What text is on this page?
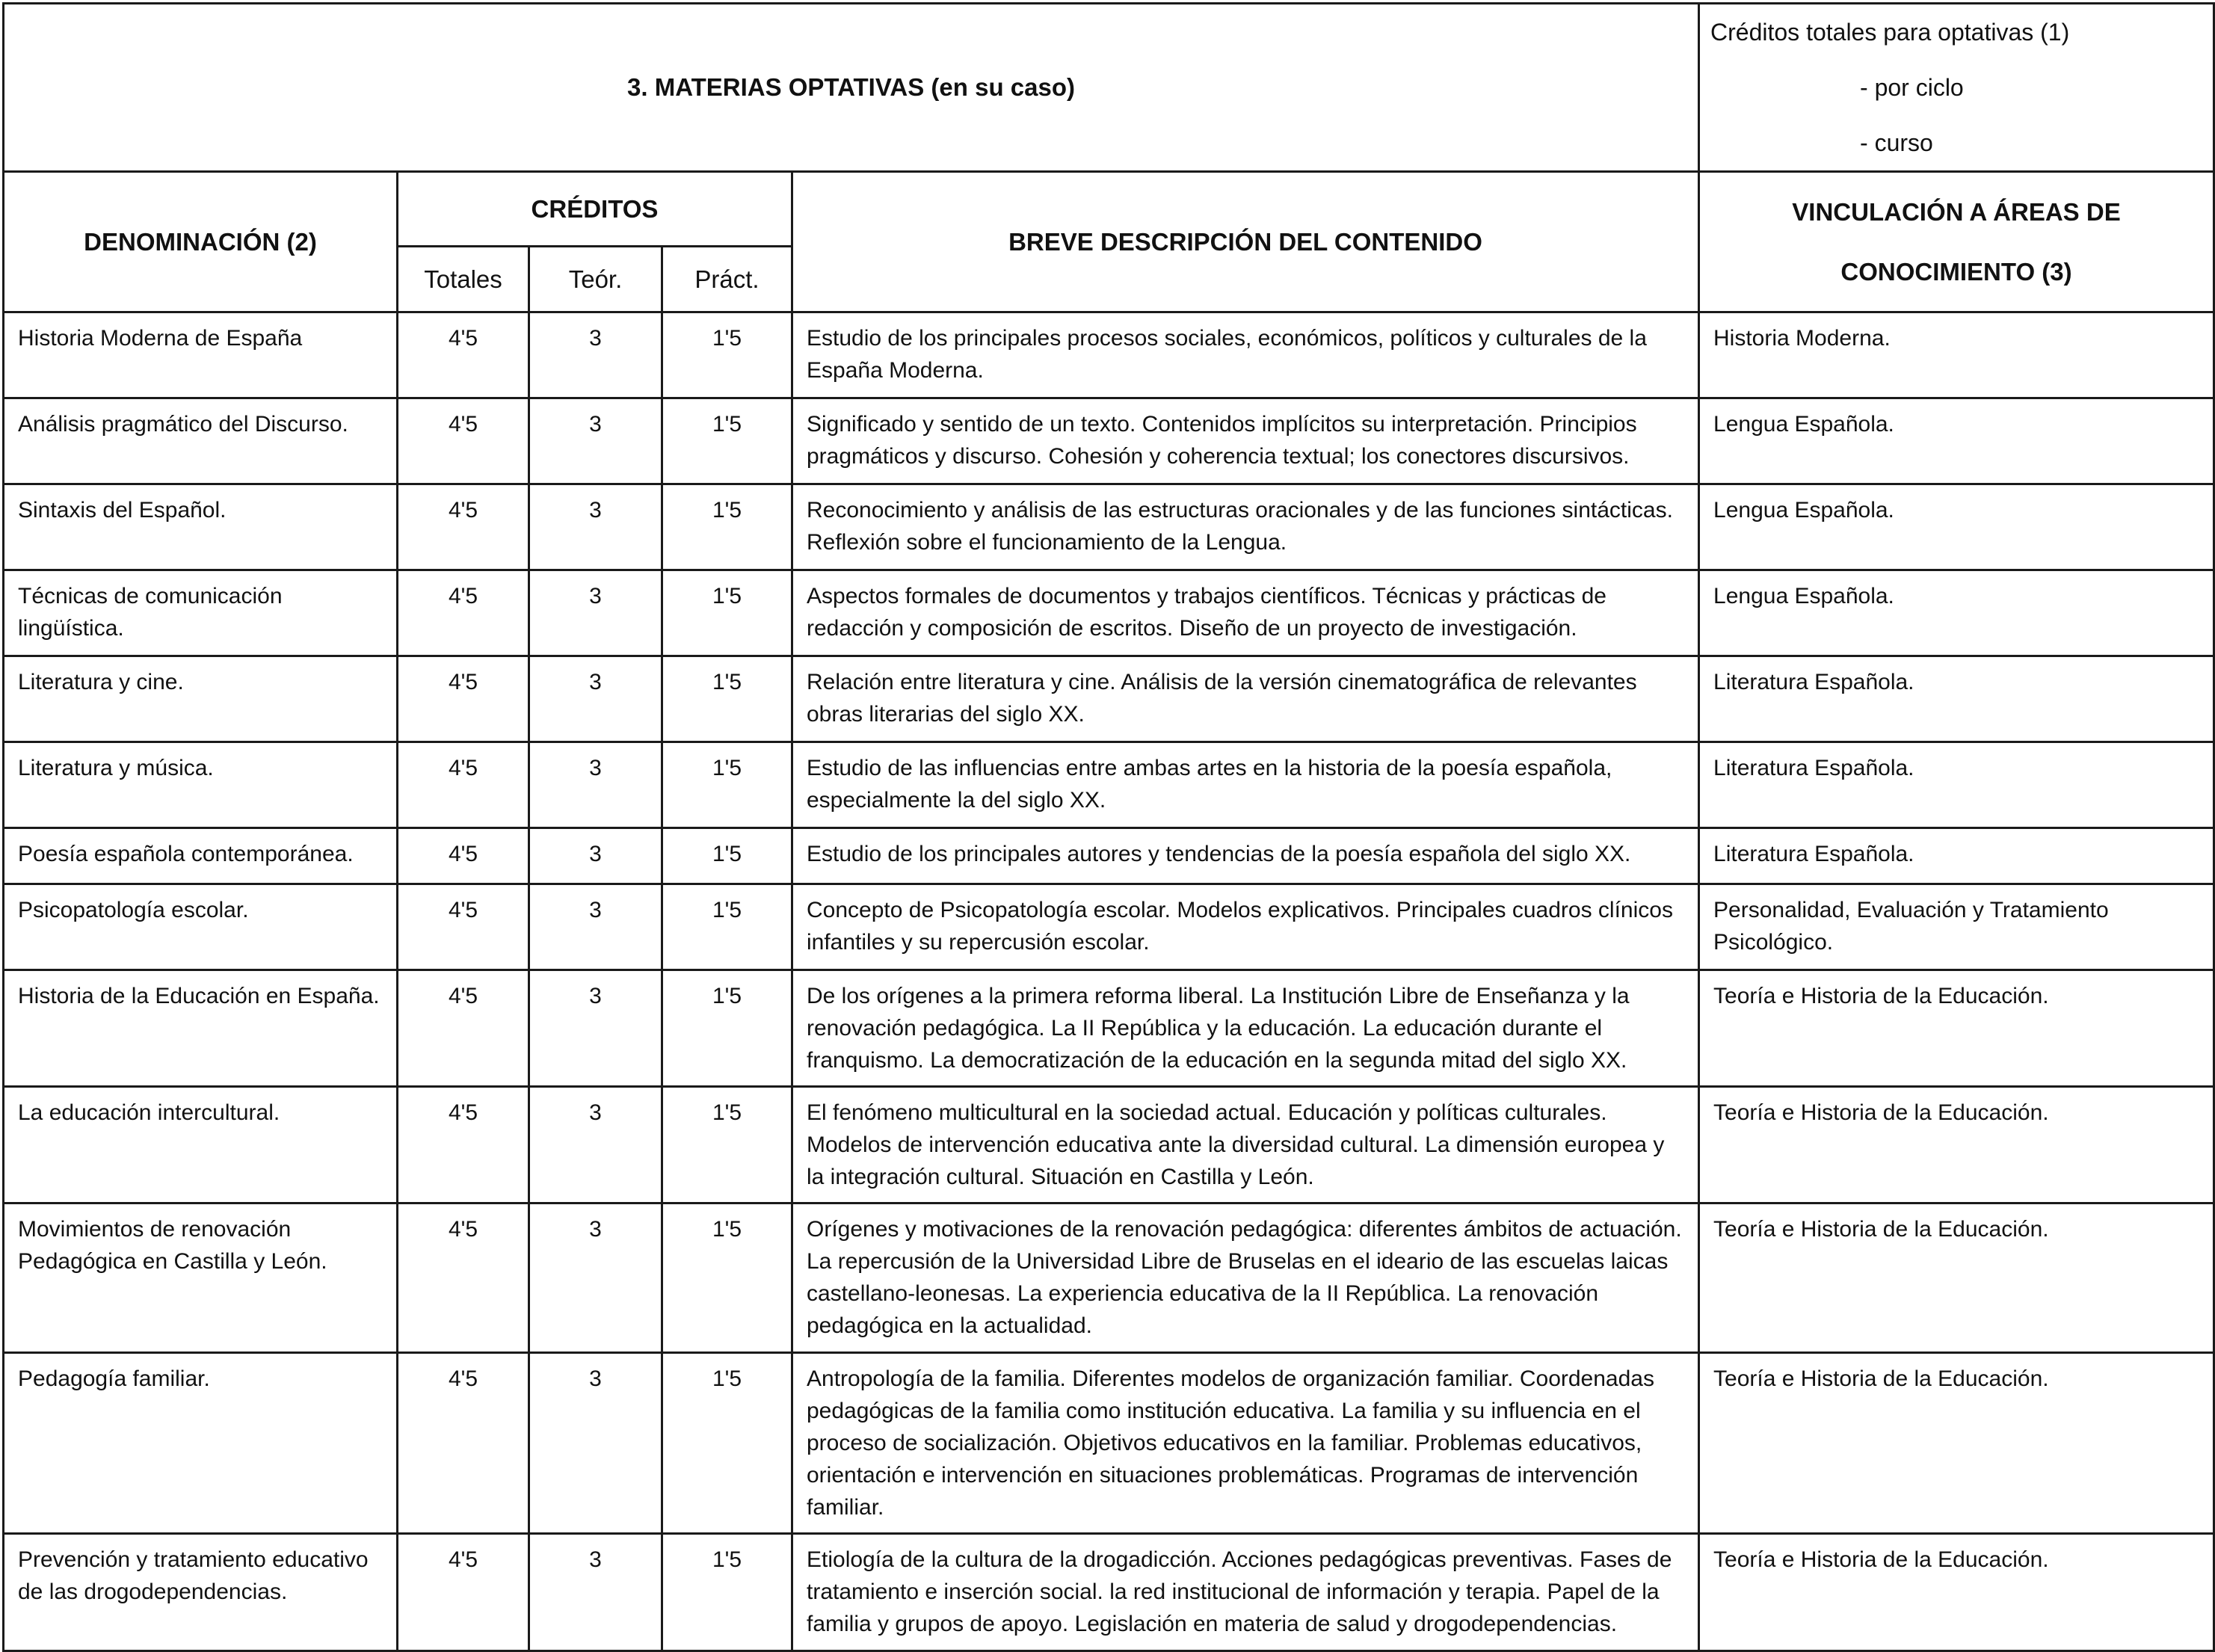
3. MATERIAS OPTATIVAS (en su caso)					Créditos totales para optativas (1)
- por ciclo
- curso

DENOMINACIÓN (2)	CRÉDITOS			BREVE DESCRIPCIÓN DEL CONTENIDO	VINCULACIÓN A ÁREAS DE
CONOCIMIENTO (3)

	Totales	Teór.	Práct.		
Historia Moderna de España	4'5	3	1'5	Estudio de los principales procesos sociales, económicos, políticos y culturales de la España Moderna.	Historia Moderna.
Análisis pragmático del Discurso.	4'5	3	1'5	Significado y sentido de un texto. Contenidos implícitos su interpretación. Principios pragmáticos y discurso. Cohesión y coherencia textual; los conectores discursivos.	Lengua Española.
Sintaxis del Español.	4'5	3	1'5	Reconocimiento y análisis de las estructuras oracionales y de las funciones sintácticas. Reflexión sobre el funcionamiento de la Lengua.	Lengua Española.
Técnicas de comunicación lingüística.	4'5	3	1'5	Aspectos formales de documentos y trabajos científicos. Técnicas y prácticas de redacción y composición de escritos. Diseño de un proyecto de investigación.	Lengua Española.
Literatura y cine.	4'5	3	1'5	Relación entre literatura y cine. Análisis de la versión cinematográfica de relevantes obras literarias del siglo XX.	Literatura Española.
Literatura y música.	4'5	3	1'5	Estudio de las influencias entre ambas artes en la historia de la poesía española, especialmente la del siglo XX.	Literatura Española.
Poesía española contemporánea.	4'5	3	1'5	Estudio de los principales autores y tendencias de la poesía española del siglo XX.	Literatura Española.
Psicopatología escolar.	4'5	3	1'5	Concepto de Psicopatología escolar. Modelos explicativos. Principales cuadros clínicos infantiles y su repercusión escolar.	Personalidad, Evaluación y Tratamiento Psicológico.
Historia de la Educación en España.	4'5	3	1'5	De los orígenes a la primera reforma liberal. La Institución Libre de Enseñanza y la renovación pedagógica. La II República y la educación. La educación durante el franquismo. La democratización de la educación en la segunda mitad del siglo XX.	Teoría e Historia de la Educación.
La educación intercultural.	4'5	3	1'5	El fenómeno multicultural en la sociedad actual. Educación y políticas culturales. Modelos de intervención educativa ante la diversidad cultural. La dimensión europea y la integración cultural. Situación en Castilla y León.	Teoría e Historia de la Educación.
Movimientos de renovación Pedagógica en Castilla y León.	4'5	3	1'5	Orígenes y motivaciones de la renovación pedagógica: diferentes ámbitos de actuación. La repercusión de la Universidad Libre de Bruselas en el ideario de las escuelas laicas castellano-leonesas. La experiencia educativa de la II República. La renovación pedagógica en la actualidad.	Teoría e Historia de la Educación.
Pedagogía familiar.	4'5	3	1'5	Antropología de la familia. Diferentes modelos de organización familiar. Coordenadas pedagógicas de la familia como institución educativa. La familia y su influencia en el proceso de socialización. Objetivos educativos en la familiar. Problemas educativos, orientación e intervención en situaciones problemáticas. Programas de intervención familiar.	Teoría e Historia de la Educación.
Prevención y tratamiento educativo de las drogodependencias.	4'5	3	1'5	Etiología de la cultura de la drogadicción. Acciones pedagógicas preventivas. Fases de tratamiento e inserción social. la red institucional de información y terapia. Papel de la familia y grupos de apoyo. Legislación en materia de salud y drogodependencias.	Teoría e Historia de la Educación.
